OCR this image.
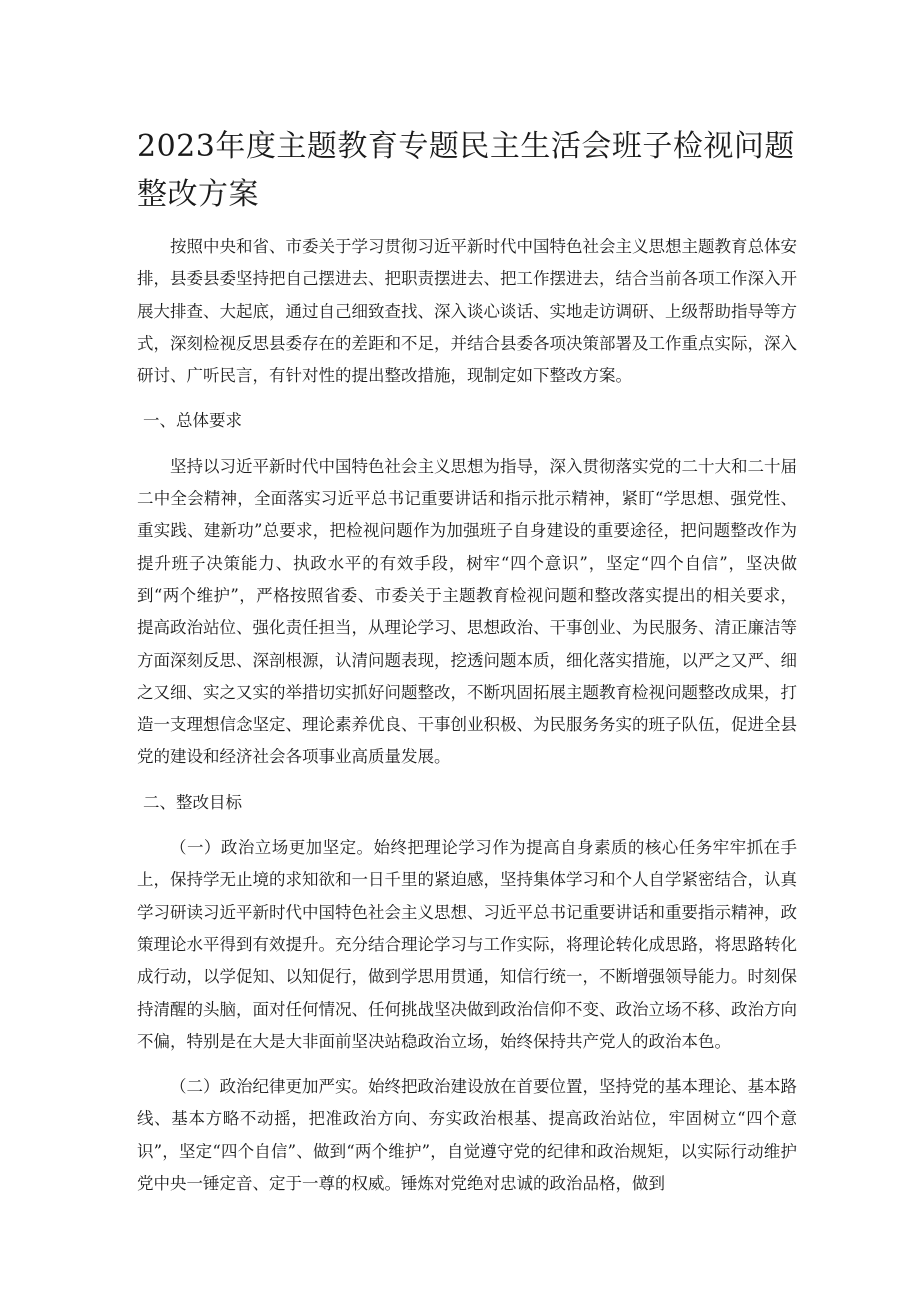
2023年度主题教育专题民主生活会班子检视问题整改方案

按照中央和省、市委关于学习贯彻习近平新时代中国特色社会主义思想主题教育总体安排，县委县委坚持把自己摆进去、把职责摆进去、把工作摆进去，结合当前各项工作深入开展大排查、大起底，通过自己细致查找、深入谈心谈话、实地走访调研、上级帮助指导等方式，深刻检视反思县委存在的差距和不足，并结合县委各项决策部署及工作重点实际，深入研讨、广听民言，有针对性的提出整改措施，现制定如下整改方案。

一、总体要求

坚持以习近平新时代中国特色社会主义思想为指导，深入贯彻落实党的二十大和二十届二中全会精神，全面落实习近平总书记重要讲话和指示批示精神，紧盯“学思想、强党性、重实践、建新功”总要求，把检视问题作为加强班子自身建设的重要途径，把问题整改作为提升班子决策能力、执政水平的有效手段，树牢“四个意识”，坚定“四个自信”，坚决做到“两个维护”，严格按照省委、市委关于主题教育检视问题和整改落实提出的相关要求，提高政治站位、强化责任担当，从理论学习、思想政治、干事创业、为民服务、清正廉洁等方面深刻反思、深剖根源，认清问题表现，挖透问题本质，细化落实措施，以严之又严、细之又细、实之又实的举措切实抓好问题整改，不断巩固拓展主题教育检视问题整改成果，打造一支理想信念坚定、理论素养优良、干事创业积极、为民服务务实的班子队伍，促进全县党的建设和经济社会各项事业高质量发展。

二、整改目标

（一）政治立场更加坚定。始终把理论学习作为提高自身素质的核心任务牢牢抓在手上，保持学无止境的求知欲和一日千里的紧迫感，坚持集体学习和个人自学紧密结合，认真学习研读习近平新时代中国特色社会主义思想、习近平总书记重要讲话和重要指示精神，政策理论水平得到有效提升。充分结合理论学习与工作实际，将理论转化成思路，将思路转化成行动，以学促知、以知促行，做到学思用贯通，知信行统一，不断增强领导能力。时刻保持清醒的头脑，面对任何情况、任何挑战坚决做到政治信仰不变、政治立场不移、政治方向不偏，特别是在大是大非面前坚决站稳政治立场，始终保持共产党人的政治本色。

（二）政治纪律更加严实。始终把政治建设放在首要位置，坚持党的基本理论、基本路线、基本方略不动摇，把准政治方向、夯实政治根基、提高政治站位，牢固树立“四个意识”，坚定“四个自信”、做到“两个维护”，自觉遵守党的纪律和政治规矩，以实际行动维护党中央一锤定音、定于一尊的权威。锤炼对党绝对忠诚的政治品格，做到
